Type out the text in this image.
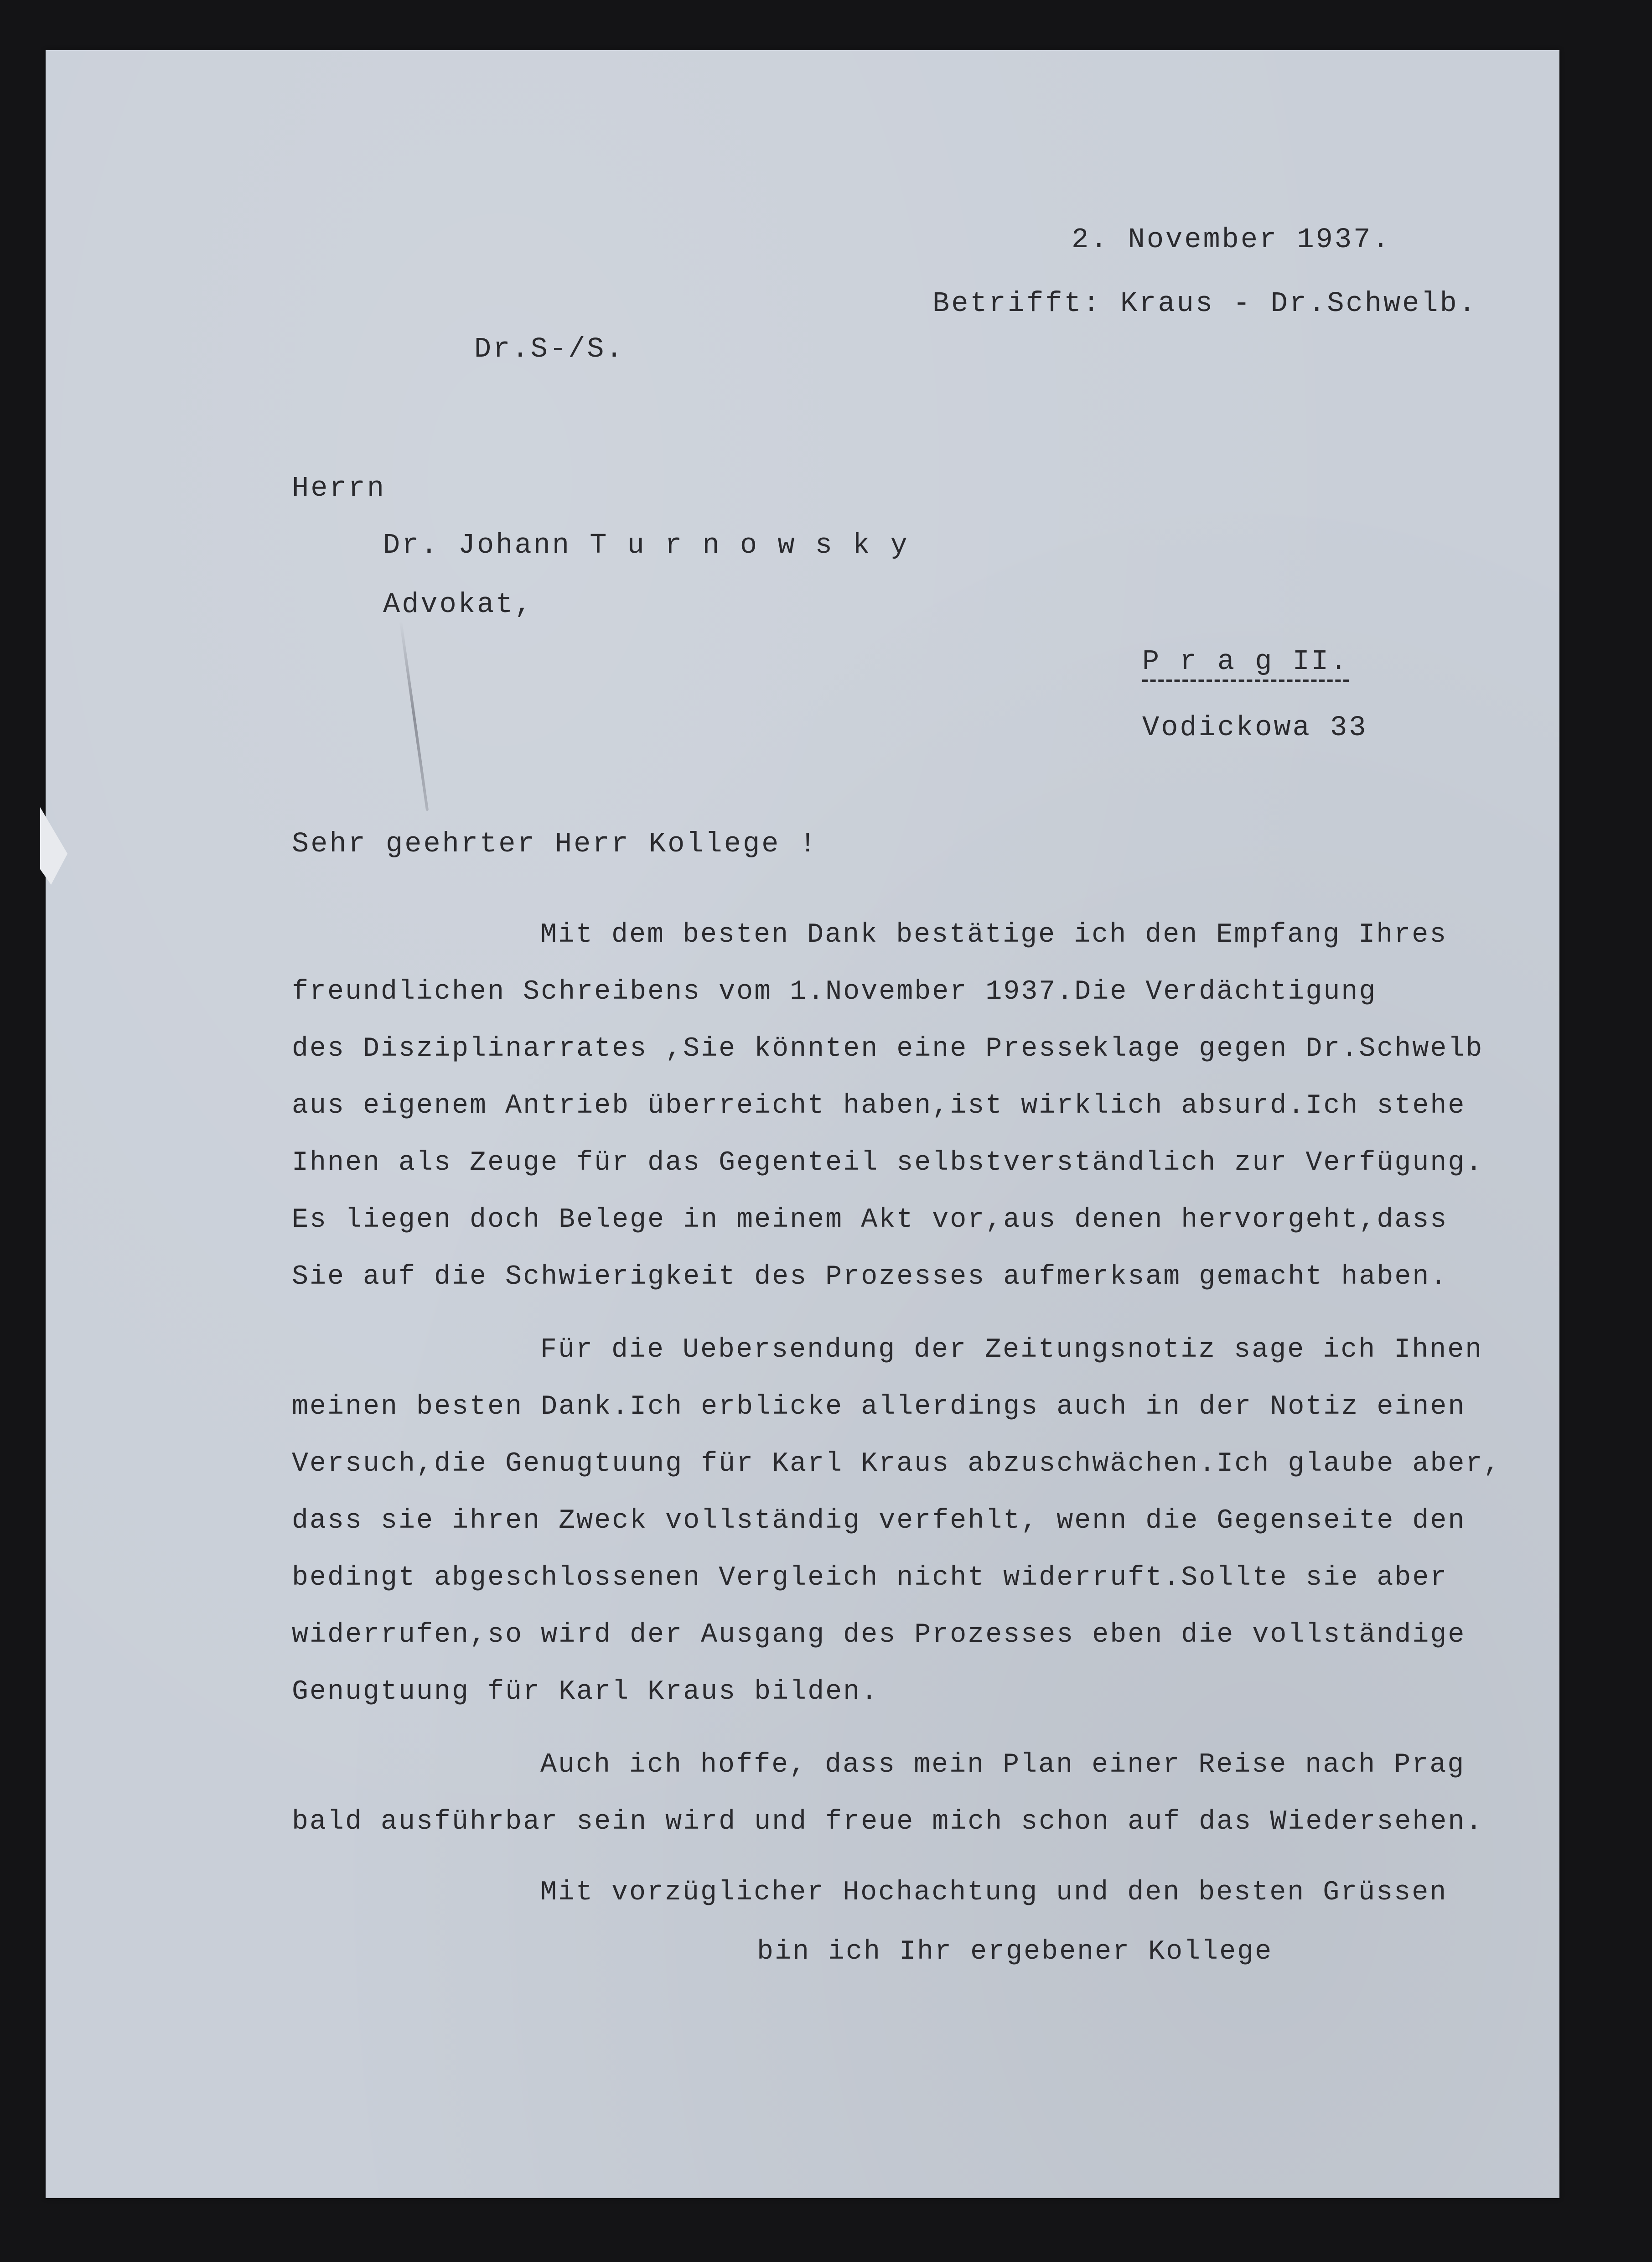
2. November 1937.

Betrifft: Kraus - Dr.Schwelb.

Dr.S-/S.

Herrn

Dr. Johann T u r n o w s k y

Advokat,

P r a g II.

Vodickowa 33

Sehr geehrter Herr Kollege !

Mit dem besten Dank bestätige ich den Empfang Ihres

freundlichen Schreibens vom 1.November 1937.Die Verdächtigung

des Disziplinarrates ,Sie könnten eine Presseklage gegen Dr.Schwelb

aus eigenem Antrieb überreicht haben,ist wirklich absurd.Ich stehe

Ihnen als Zeuge für das Gegenteil selbstverständlich zur Verfügung.

Es liegen doch Belege in meinem Akt vor,aus denen hervorgeht,dass

Sie auf die Schwierigkeit des Prozesses aufmerksam gemacht haben.

Für die Uebersendung der Zeitungsnotiz sage ich Ihnen

meinen besten Dank.Ich erblicke allerdings auch in der Notiz einen

Versuch,die Genugtuung für Karl Kraus abzuschwächen.Ich glaube aber,

dass sie ihren Zweck vollständig verfehlt, wenn die Gegenseite den

bedingt abgeschlossenen Vergleich nicht widerruft.Sollte sie aber

widerrufen,so wird der Ausgang des Prozesses eben die vollständige

Genugtuung für Karl Kraus bilden.

Auch ich hoffe, dass mein Plan einer Reise nach Prag

bald ausführbar sein wird und freue mich schon auf das Wiedersehen.

Mit vorzüglicher Hochachtung und den besten Grüssen

bin ich Ihr ergebener Kollege
